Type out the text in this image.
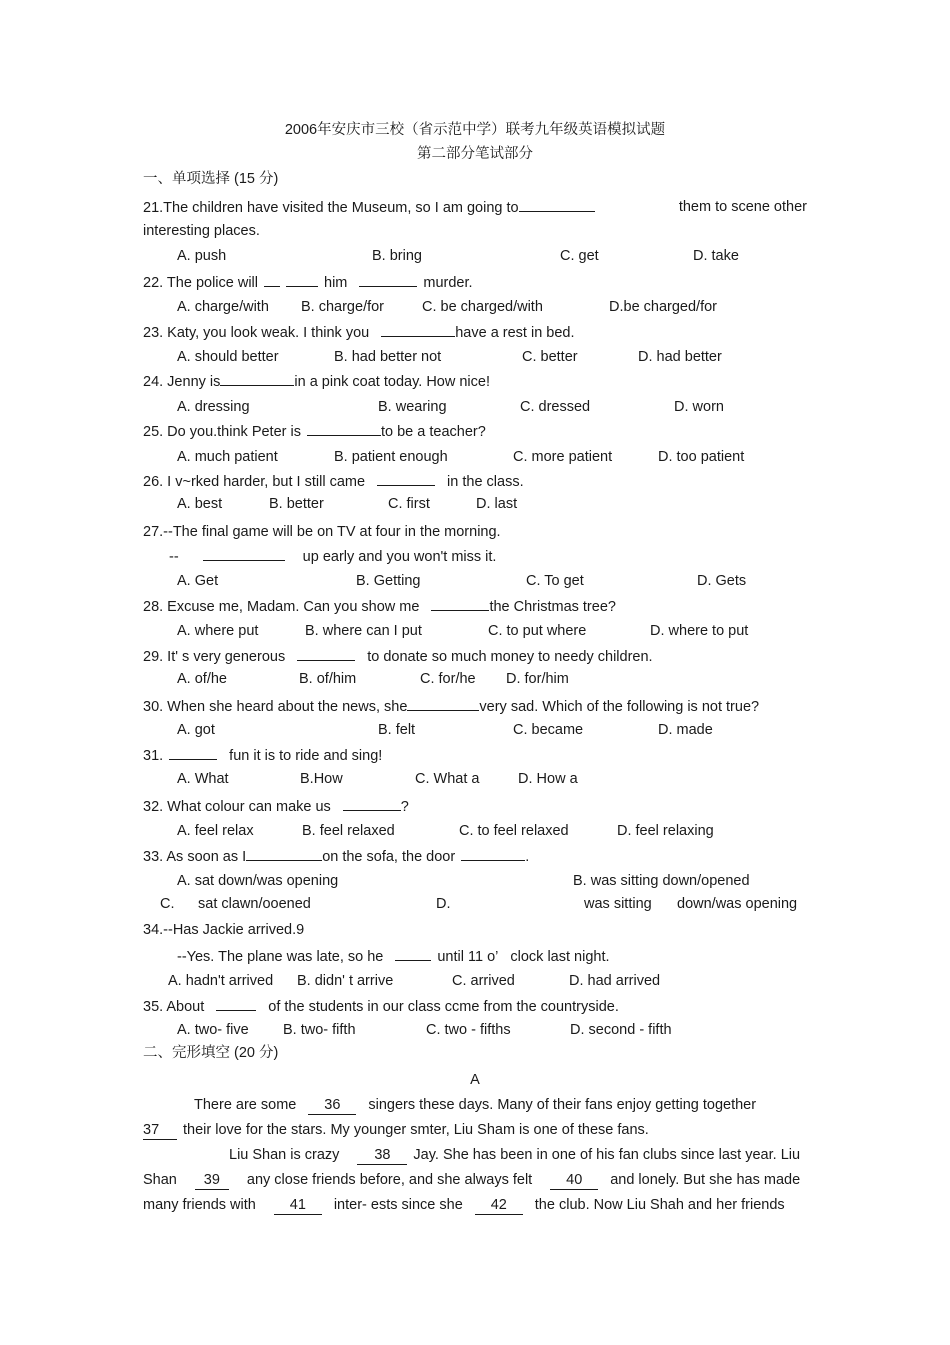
2006年安庆市三校（省示范中学）联考九年级英语模拟试题
第二部分笔试部分
一、单项选择 (15 分)
21.The children have visited the Museum, so I am going to	them to scene other
interesting places.
A. push	B. bring	C. get	D. take
22. The police will	him	murder.
A. charge/with B. charge/for	C. be charged/with	D.be charged/for
23. Katy, you look weak. I think you	have a rest in bed.
A. should better	B. had better not	C. better	D. had better
24. Jenny is	in a pink coat today. How nice!
A. dressing	B. wearing	C. dressed	D. worn
25. Do you.think Peter is	to be a teacher?
A. much patient	B. patient enough	C. more patient	D. too patient
26. I v~rked harder, but I still came	in the class.
A. best	B. better	C. first	D. last
27.--The final game will be on TV at four in the morning.
--	up early and you won't miss it.
A. Get	B. Getting	C. To get	D. Gets
28. Excuse me, Madam. Can you show me	the Christmas tree?
A. where put	B. where can I put	C. to put where	D. where to put
29. It' s very generous	to donate so much money to needy children.
A. of/he	B. of/him	C. for/he D. for/him
30. When she heard about the news, she	very sad. Which of the following is not true?
A. got	B. felt	C. became	D. made
31.	fun it is to ride and sing!
A. What	B.How	C. What a	D. How a
32. What colour can make us	?
A. feel relax	B. feel relaxed	C. to feel relaxed	D. feel relaxing
33. As soon as I	on the sofa, the door	.
A. sat down/was opening	B. was sitting down/opened
C. sat clawn/ooened	D.	was sitting down/was opening
34.--Has Jackie arrived.9
--Yes. The plane was late, so he	until 11 o’ clock last night.
A. hadn't arrived B. didn' t arrive	C. arrived	D. had arrived
35. About	of the students in our class ccme from the countryside.
A. two- five B. two- fifth	C. two - fifths	D. second - fifth
二、完形填空 (20 分)
A
There are some 36 singers these days. Many of their fans enjoy getting together
37 their love for the stars. My younger smter, Liu Sham is one of these fans.
Liu Shan is crazy 38 Jay. She has been in one of his fan clubs since last year. Liu
Shan 39 any close friends before, and she always felt 40 and lonely. But she has made
many friends with 41 inter- ests since she 42 the club. Now Liu Shah and her friends
